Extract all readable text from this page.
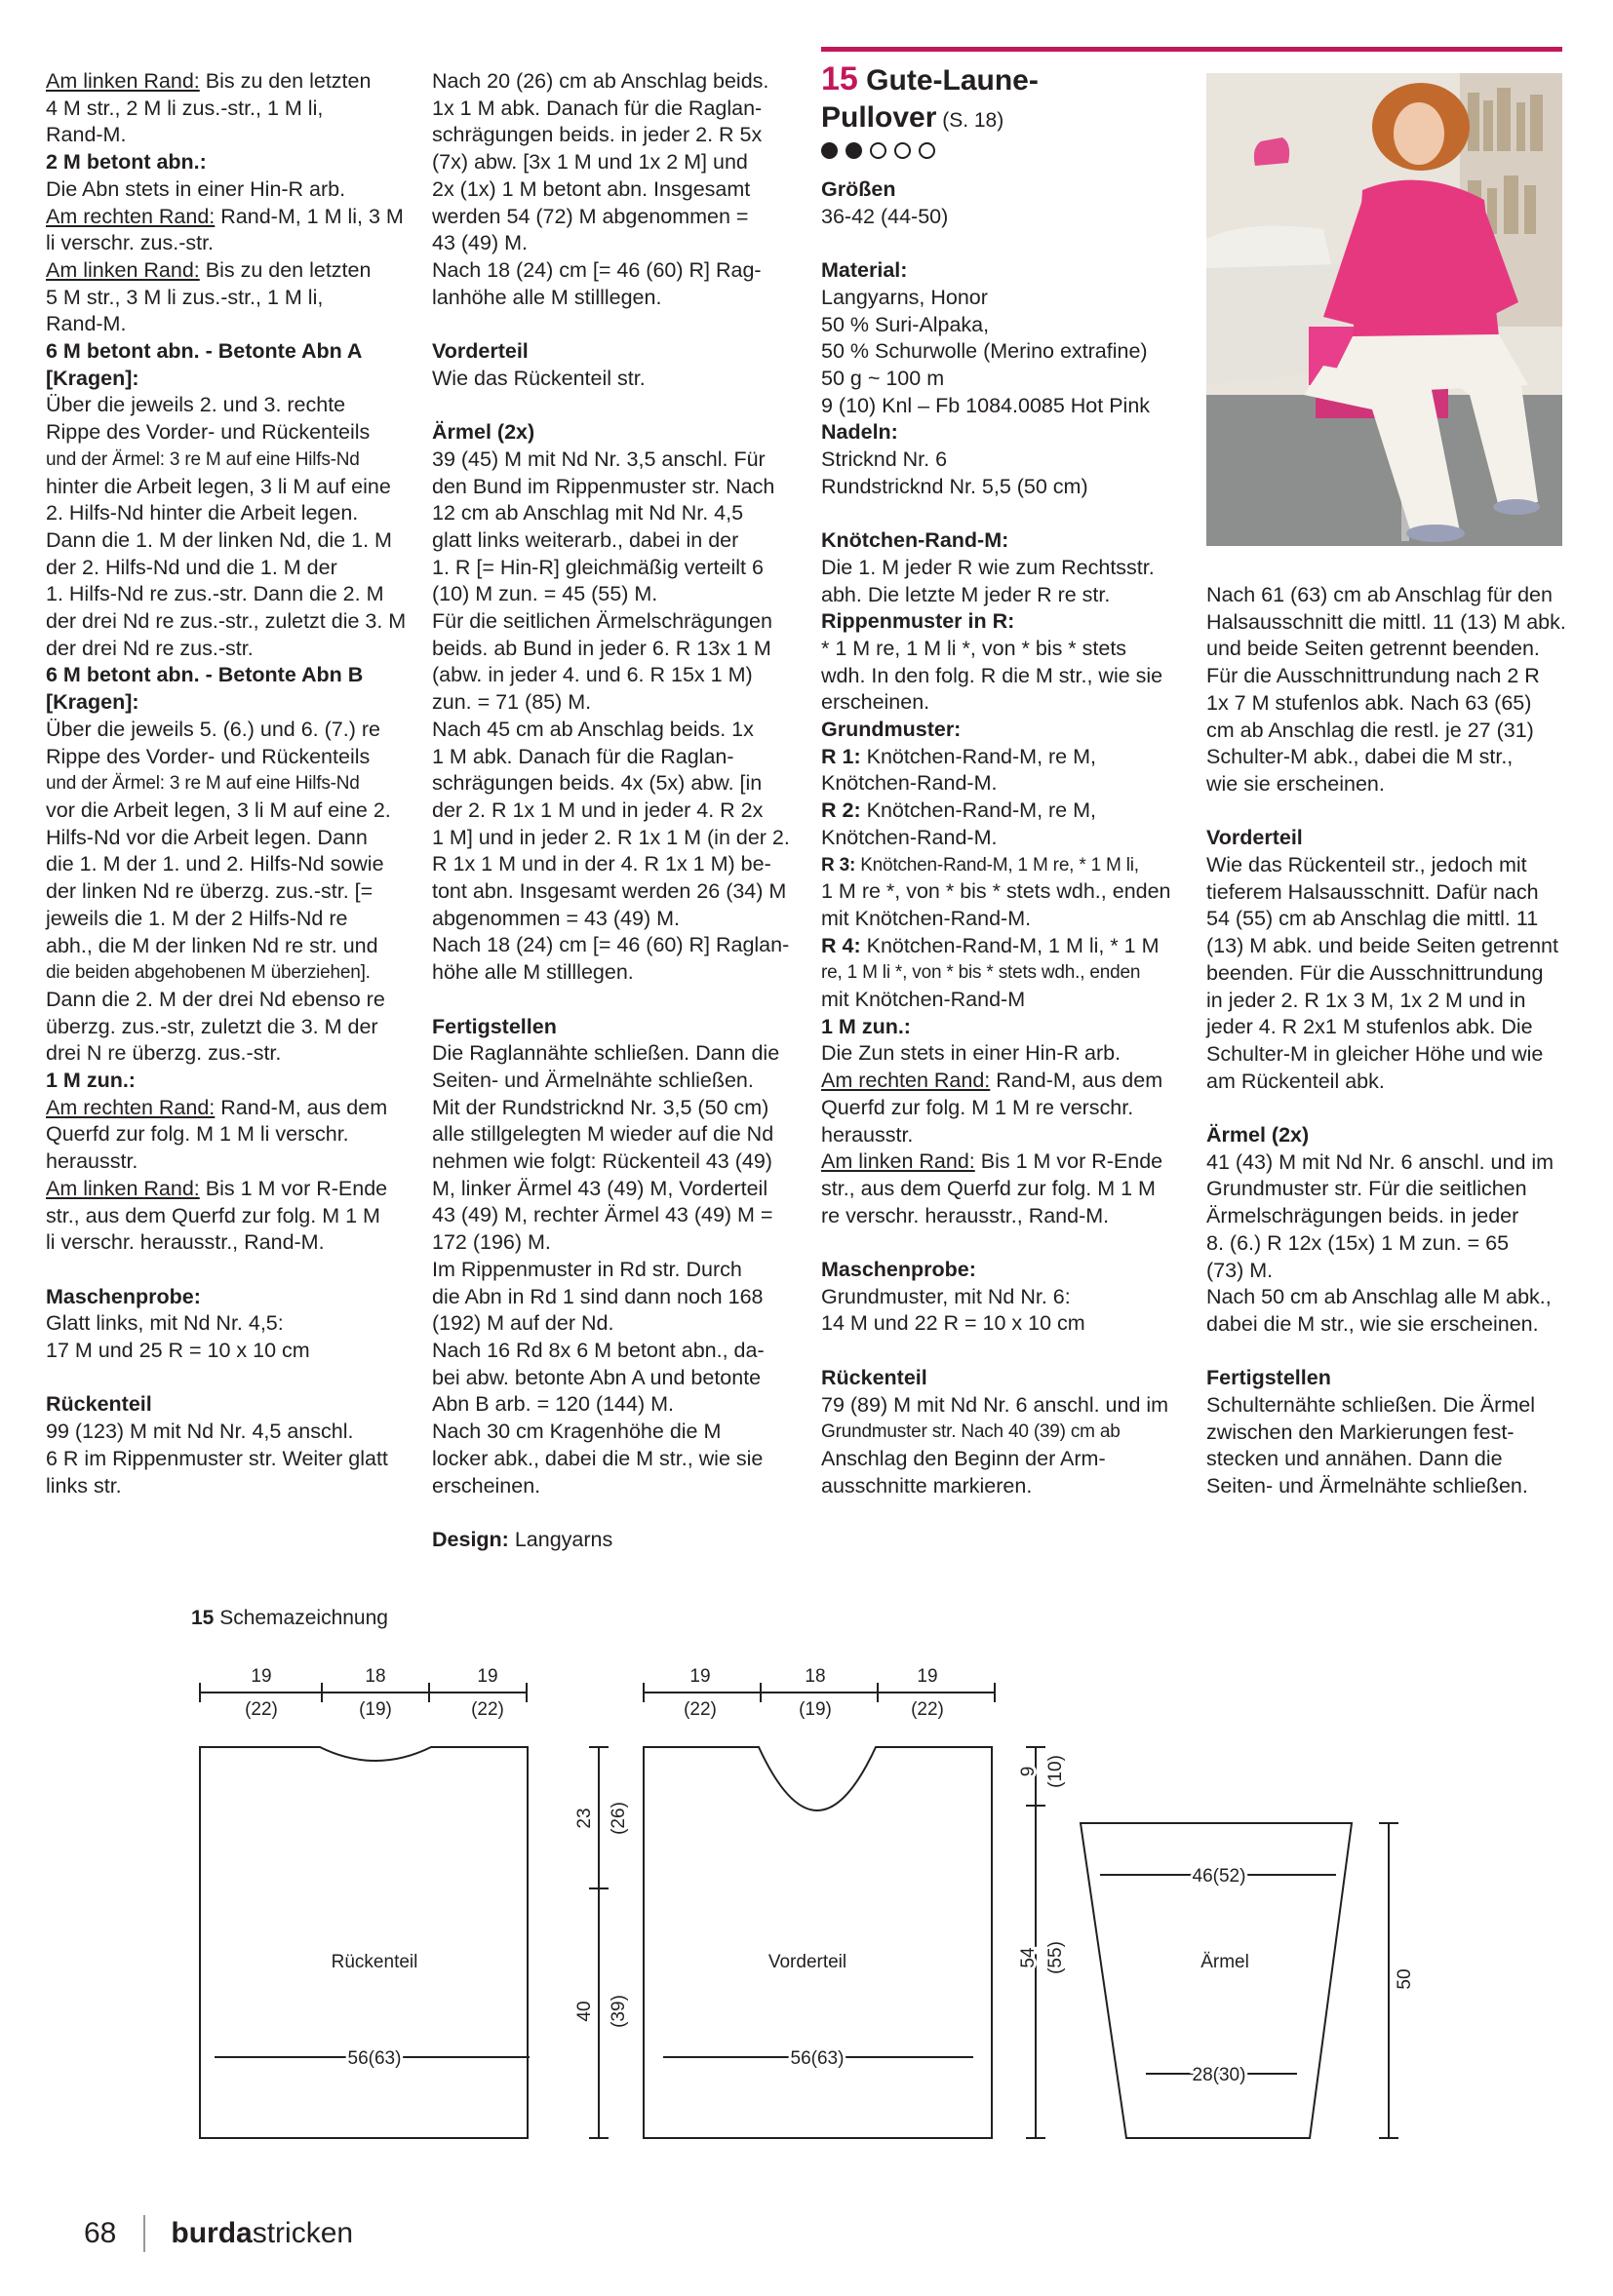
Am linken Rand: Bis zu den letzten

4 M str., 2 M li zus.-str., 1 M li,

Rand-M.

2 M betont abn.:

Die Abn stets in einer Hin-R arb.

Am rechten Rand: Rand-M, 1 M li, 3 M

li verschr. zus.-str.

Am linken Rand: Bis zu den letzten

5 M str., 3 M li zus.-str., 1 M li,

Rand-M.

6 M betont abn. - Betonte Abn A

[Kragen]:

Über die jeweils 2. und 3. rechte

Rippe des Vorder- und Rückenteils

und der Ärmel: 3 re M auf eine Hilfs-Nd

hinter die Arbeit legen, 3 li M auf eine

2. Hilfs-Nd hinter die Arbeit legen.

Dann die 1. M der linken Nd, die 1. M

der 2. Hilfs-Nd und die 1. M der

1. Hilfs-Nd re zus.-str. Dann die 2. M

der drei Nd re zus.-str., zuletzt die 3. M

der drei Nd re zus.-str.

6 M betont abn. - Betonte Abn B

[Kragen]:

Über die jeweils 5. (6.) und 6. (7.) re

Rippe des Vorder- und Rückenteils

und der Ärmel: 3 re M auf eine Hilfs-Nd

vor die Arbeit legen, 3 li M auf eine 2.

Hilfs-Nd vor die Arbeit legen. Dann

die 1. M der 1. und 2. Hilfs-Nd sowie

der linken Nd re überzg. zus.-str. [=

jeweils die 1. M der 2 Hilfs-Nd re

abh., die M der linken Nd re str. und

die beiden abgehobenen M überziehen].

Dann die 2. M der drei Nd ebenso re

überzg. zus.-str, zuletzt die 3. M der

drei N re überzg. zus.-str.

1 M zun.:

Am rechten Rand: Rand-M, aus dem

Querfd zur folg. M 1 M li verschr.

herausstr.

Am linken Rand: Bis 1 M vor R-Ende

str., aus dem Querfd zur folg. M 1 M

li verschr. herausstr., Rand-M.

Maschenprobe:

Glatt links, mit Nd Nr. 4,5:

17 M und 25 R = 10 x 10 cm

Rückenteil

99 (123) M mit Nd Nr. 4,5 anschl.

6 R im Rippenmuster str. Weiter glatt

links str.

Nach 20 (26) cm ab Anschlag beids.

1x 1 M abk. Danach für die Raglan-

schrägungen beids. in jeder 2. R 5x

(7x) abw. [3x 1 M und 1x 2 M] und

2x (1x) 1 M betont abn. Insgesamt

werden 54 (72) M abgenommen =

43 (49) M.

Nach 18 (24) cm [= 46 (60) R] Rag-

lanhöhe alle M stilllegen.

Vorderteil

Wie das Rückenteil str.

Ärmel (2x)

39 (45) M mit Nd Nr. 3,5 anschl. Für

den Bund im Rippenmuster str. Nach

12 cm ab Anschlag mit Nd Nr. 4,5

glatt links weiterarb., dabei in der

1. R [= Hin-R] gleichmäßig verteilt 6

(10) M zun. = 45 (55) M.

Für die seitlichen Ärmelschrägungen

beids. ab Bund in jeder 6. R 13x 1 M

(abw. in jeder 4. und 6. R 15x 1 M)

zun. = 71 (85) M.

Nach 45 cm ab Anschlag beids. 1x

1 M abk. Danach für die Raglan-

schrägungen beids. 4x (5x) abw. [in

der 2. R 1x 1 M und in jeder 4. R 2x

1 M] und in jeder 2. R 1x 1 M (in der 2.

R 1x 1 M und in der 4. R 1x 1 M) be-

tont abn. Insgesamt werden 26 (34) M

abgenommen = 43 (49) M.

Nach 18 (24) cm [= 46 (60) R] Raglan-

höhe alle M stilllegen.

Fertigstellen

Die Raglannähte schließen. Dann die

Seiten- und Ärmelnähte schließen.

Mit der Rundstricknd Nr. 3,5 (50 cm)

alle stillgelegten M wieder auf die Nd

nehmen wie folgt: Rückenteil 43 (49)

M, linker Ärmel 43 (49) M, Vorderteil

43 (49) M, rechter Ärmel 43 (49) M =

172 (196) M.

Im Rippenmuster in Rd str. Durch

die Abn in Rd 1 sind dann noch 168

(192) M auf der Nd.

Nach 16 Rd 8x 6 M betont abn., da-

bei abw. betonte Abn A und betonte

Abn B arb. = 120 (144) M.

Nach 30 cm Kragenhöhe die M

locker abk., dabei die M str., wie sie

erscheinen.

Design: Langyarns

15 Gute-Laune-
Pullover (S. 18)

Größen

36-42 (44-50)

Material:

Langyarns, Honor

50 % Suri-Alpaka,

50 % Schurwolle (Merino extrafine)

50 g ~ 100 m

9 (10) Knl – Fb 1084.0085 Hot Pink

Nadeln:

Stricknd Nr. 6

Rundstricknd Nr. 5,5 (50 cm)

Knötchen-Rand-M:

Die 1. M jeder R wie zum Rechtsstr.

abh. Die letzte M jeder R re str.

Rippenmuster in R:

* 1 M re, 1 M li *, von * bis * stets

wdh. In den folg. R die M str., wie sie

erscheinen.

Grundmuster:

R 1: Knötchen-Rand-M, re M,

Knötchen-Rand-M.

R 2: Knötchen-Rand-M, re M,

Knötchen-Rand-M.

R 3: Knötchen-Rand-M, 1 M re, * 1 M li,

1 M re *, von * bis * stets wdh., enden

mit Knötchen-Rand-M.

R 4: Knötchen-Rand-M, 1 M li, * 1 M

re, 1 M li *, von * bis * stets wdh., enden

mit Knötchen-Rand-M

1 M zun.:

Die Zun stets in einer Hin-R arb.

Am rechten Rand: Rand-M, aus dem

Querfd zur folg. M 1 M re verschr.

herausstr.

Am linken Rand: Bis 1 M vor R-Ende

str., aus dem Querfd zur folg. M 1 M

re verschr. herausstr., Rand-M.

Maschenprobe:

Grundmuster, mit Nd Nr. 6:

14 M und 22 R = 10 x 10 cm

Rückenteil

79 (89) M mit Nd Nr. 6 anschl. und im

Grundmuster str. Nach 40 (39) cm ab

Anschlag den Beginn der Arm-

ausschnitte markieren.

Nach 61 (63) cm ab Anschlag für den

Halsausschnitt die mittl. 11 (13) M abk.

und beide Seiten getrennt beenden.

Für die Ausschnittrundung nach 2 R

1x 7 M stufenlos abk. Nach 63 (65)

cm ab Anschlag die restl. je 27 (31)

Schulter-M abk., dabei die M str.,

wie sie erscheinen.

Vorderteil

Wie das Rückenteil str., jedoch mit

tieferem Halsausschnitt. Dafür nach

54 (55) cm ab Anschlag die mittl. 11

(13) M abk. und beide Seiten getrennt

beenden. Für die Ausschnittrundung

in jeder 2. R 1x 3 M, 1x 2 M und in

jeder 4. R 2x1 M stufenlos abk. Die

Schulter-M in gleicher Höhe und wie

am Rückenteil abk.

Ärmel (2x)

41 (43) M mit Nd Nr. 6 anschl. und im

Grundmuster str. Für die seitlichen

Ärmelschrägungen beids. in jeder

8. (6.) R 12x (15x) 1 M zun. = 65

(73) M.

Nach 50 cm ab Anschlag alle M abk.,

dabei die M str., wie sie erscheinen.

Fertigstellen

Schulternähte schließen. Die Ärmel

zwischen den Markierungen fest-

stecken und annähen. Dann die

Seiten- und Ärmelnähte schließen.

15 Schemazeichnung
19
(22)
18
(19)
19
(22)
19
(22)
18
(19)
19
(22)
Rückenteil
56(63)
Vorderteil
56(63)
Ärmel
46(52)
28(30)
23 (26)
40 (39)
9 (10)
54 (55)
50
68 burda stricken
